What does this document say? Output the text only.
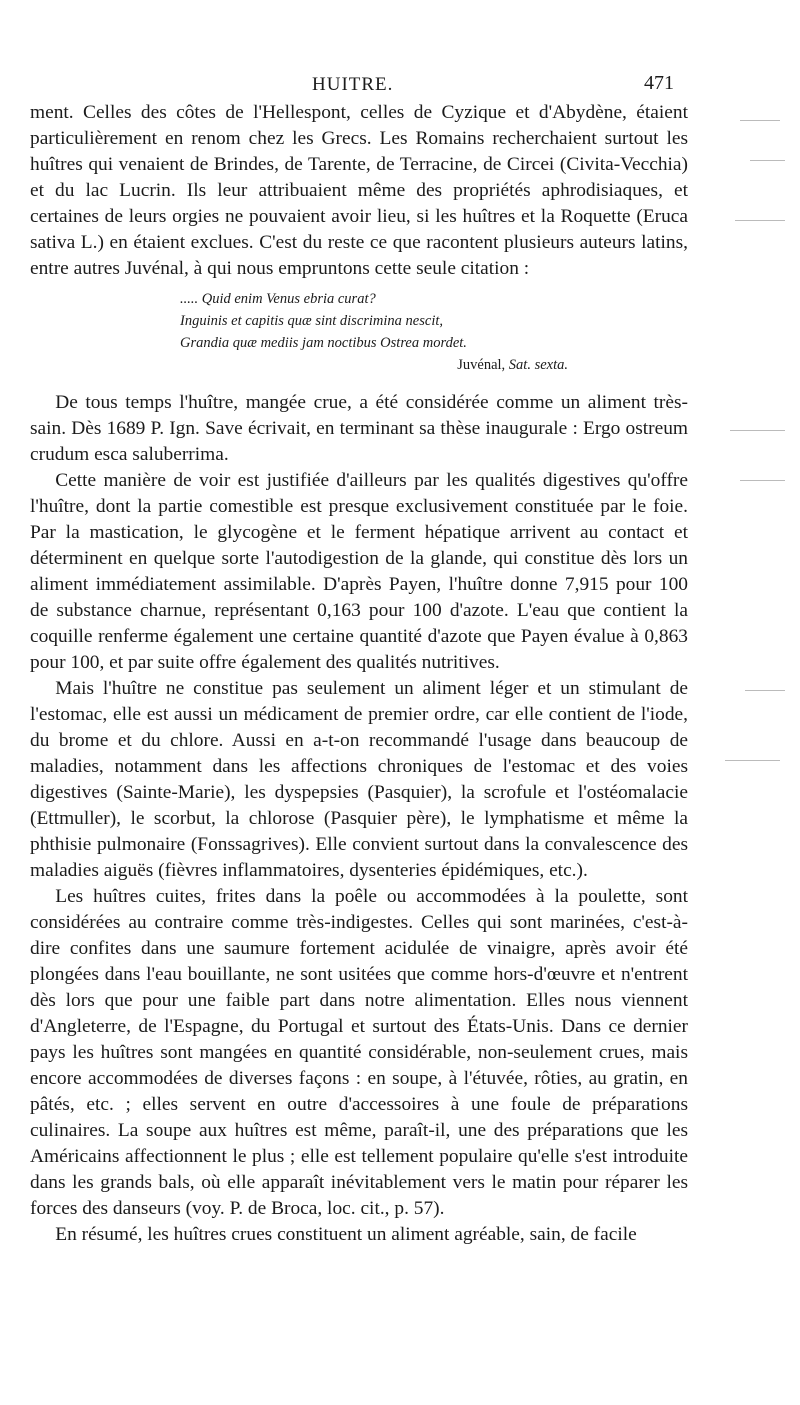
HUITRE.	471

ment. Celles des côtes de l'Hellespont, celles de Cyzique et d'Abydène, étaient particulièrement en renom chez les Grecs. Les Romains recherchaient surtout les huîtres qui venaient de Brindes, de Tarente, de Terracine, de Circei (Civita-Vecchia) et du lac Lucrin. Ils leur attribuaient même des propriétés aphrodisiaques, et certaines de leurs orgies ne pouvaient avoir lieu, si les huîtres et la Roquette (Eruca sativa L.) en étaient exclues. C'est du reste ce que racontent plusieurs auteurs latins, entre autres Juvénal, à qui nous empruntons cette seule citation :

..... Quid enim Venus ebria curat?
Inguinis et capitis quæ sint discrimina nescit,
Grandia quæ mediis jam noctibus Ostrea mordet.
Juvénal, Sat. sexta.

De tous temps l'huître, mangée crue, a été considérée comme un aliment très-sain. Dès 1689 P. Ign. Save écrivait, en terminant sa thèse inaugurale : Ergo ostreum crudum esca saluberrima.

Cette manière de voir est justifiée d'ailleurs par les qualités digestives qu'offre l'huître, dont la partie comestible est presque exclusivement constituée par le foie. Par la mastication, le glycogène et le ferment hépatique arrivent au contact et déterminent en quelque sorte l'autodigestion de la glande, qui constitue dès lors un aliment immédiatement assimilable. D'après Payen, l'huître donne 7,915 pour 100 de substance charnue, représentant 0,163 pour 100 d'azote. L'eau que contient la coquille renferme également une certaine quantité d'azote que Payen évalue à 0,863 pour 100, et par suite offre également des qualités nutritives.

Mais l'huître ne constitue pas seulement un aliment léger et un stimulant de l'estomac, elle est aussi un médicament de premier ordre, car elle contient de l'iode, du brome et du chlore. Aussi en a-t-on recommandé l'usage dans beaucoup de maladies, notamment dans les affections chroniques de l'estomac et des voies digestives (Sainte-Marie), les dyspepsies (Pasquier), la scrofule et l'ostéomalacie (Ettmuller), le scorbut, la chlorose (Pasquier père), le lymphatisme et même la phthisie pulmonaire (Fonssagrives). Elle convient surtout dans la convalescence des maladies aiguës (fièvres inflammatoires, dysenteries épidémiques, etc.).

Les huîtres cuites, frites dans la poêle ou accommodées à la poulette, sont considérées au contraire comme très-indigestes. Celles qui sont marinées, c'est-à-dire confites dans une saumure fortement acidulée de vinaigre, après avoir été plongées dans l'eau bouillante, ne sont usitées que comme hors-d'œuvre et n'entrent dès lors que pour une faible part dans notre alimentation. Elles nous viennent d'Angleterre, de l'Espagne, du Portugal et surtout des États-Unis. Dans ce dernier pays les huîtres sont mangées en quantité considérable, non-seulement crues, mais encore accommodées de diverses façons : en soupe, à l'étuvée, rôties, au gratin, en pâtés, etc. ; elles servent en outre d'accessoires à une foule de préparations culinaires. La soupe aux huîtres est même, paraît-il, une des préparations que les Américains affectionnent le plus ; elle est tellement populaire qu'elle s'est introduite dans les grands bals, où elle apparaît inévitablement vers le matin pour réparer les forces des danseurs (voy. P. de Broca, loc. cit., p. 57).

En résumé, les huîtres crues constituent un aliment agréable, sain, de facile
